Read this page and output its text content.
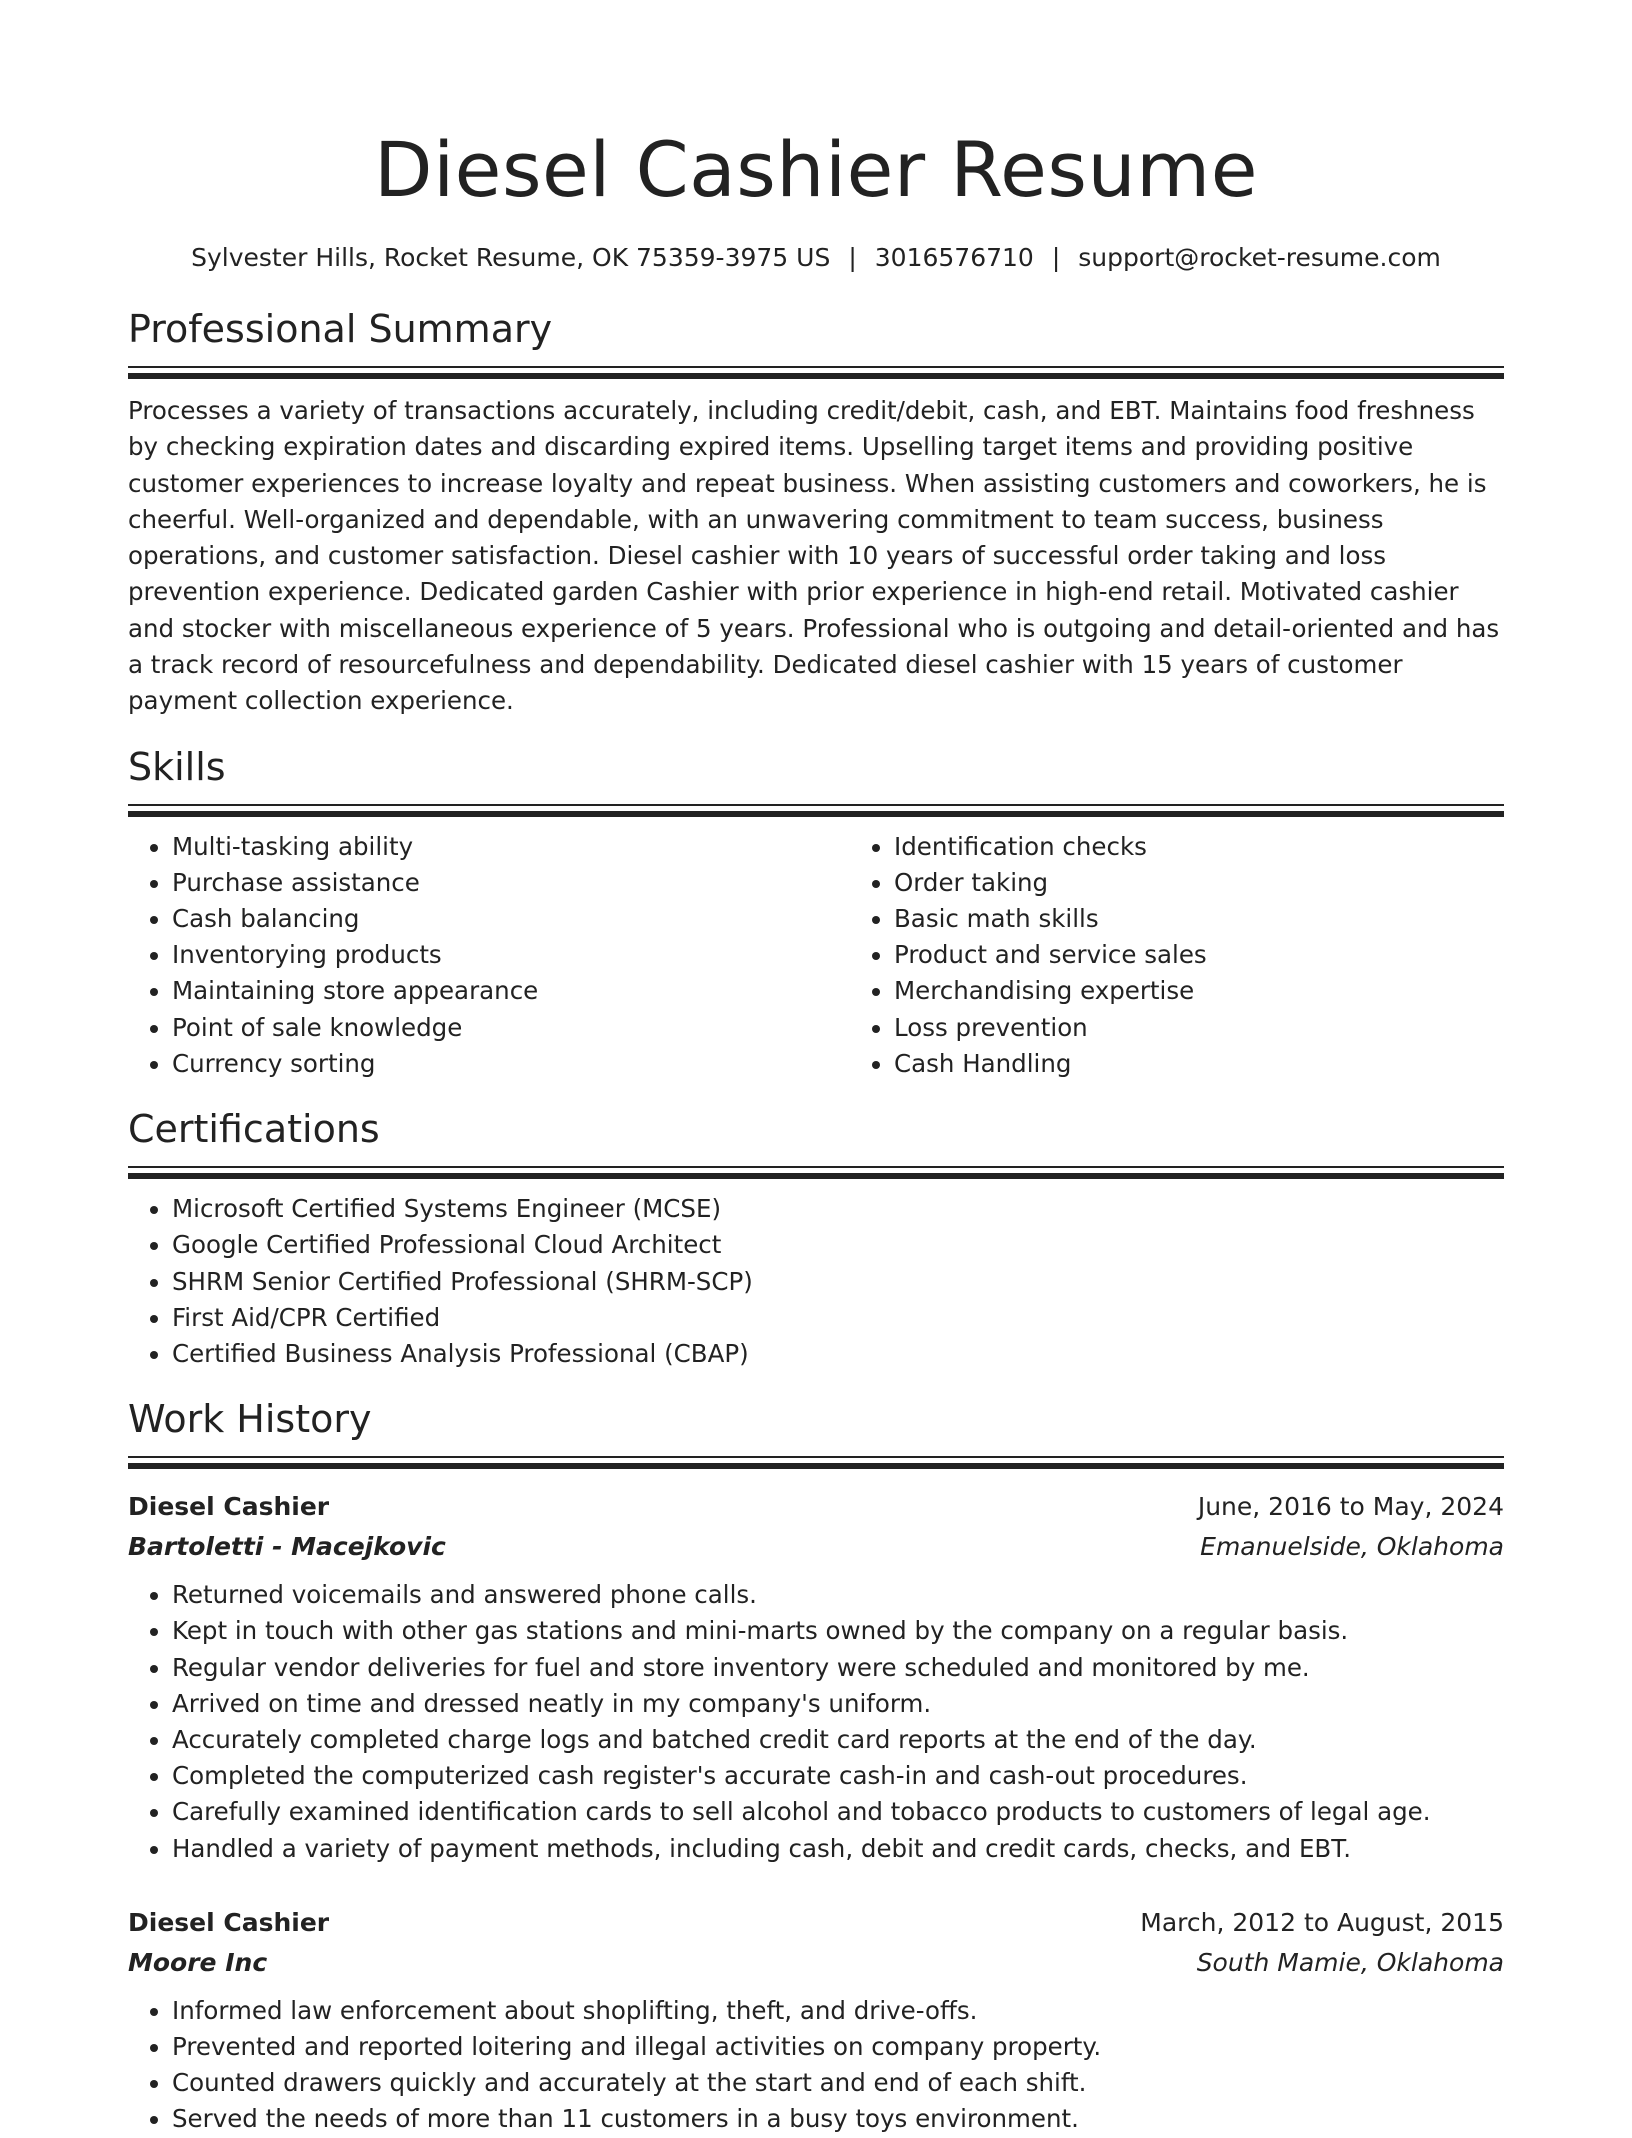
Diesel Cashier Resume
Sylvester Hills, Rocket Resume, OK 75359-3975 US | 3016576710 | support@rocket-resume.com
Professional Summary

Processes a variety of transactions accurately, including credit/debit, cash, and EBT. Maintains food freshness by checking expiration dates and discarding expired items. Upselling target items and providing positive customer experiences to increase loyalty and repeat business. When assisting customers and coworkers, he is cheerful. Well-organized and dependable, with an unwavering commitment to team success, business operations, and customer satisfaction. Diesel cashier with 10 years of successful order taking and loss prevention experience. Dedicated garden Cashier with prior experience in high-end retail. Motivated cashier and stocker with miscellaneous experience of 5 years. Professional who is outgoing and detail-oriented and has a track record of resourcefulness and dependability. Dedicated diesel cashier with 15 years of customer payment collection experience.

Skills
• Multi-tasking ability
• Purchase assistance
• Cash balancing
• Inventorying products
• Maintaining store appearance
• Point of sale knowledge
• Currency sorting
• Identification checks
• Order taking
• Basic math skills
• Product and service sales
• Merchandising expertise
• Loss prevention
• Cash Handling
Certifications
• Microsoft Certified Systems Engineer (MCSE)
• Google Certified Professional Cloud Architect
• SHRM Senior Certified Professional (SHRM-SCP)
• First Aid/CPR Certified
• Certified Business Analysis Professional (CBAP)
Work History
Diesel Cashier	June, 2016 to May, 2024
Bartoletti - Macejkovic	Emanuelside, Oklahoma
• Returned voicemails and answered phone calls.
• Kept in touch with other gas stations and mini-marts owned by the company on a regular basis.
• Regular vendor deliveries for fuel and store inventory were scheduled and monitored by me.
• Arrived on time and dressed neatly in my company's uniform.
• Accurately completed charge logs and batched credit card reports at the end of the day.
• Completed the computerized cash register's accurate cash-in and cash-out procedures.
• Carefully examined identification cards to sell alcohol and tobacco products to customers of legal age.
• Handled a variety of payment methods, including cash, debit and credit cards, checks, and EBT.
Diesel Cashier	March, 2012 to August, 2015
Moore Inc	South Mamie, Oklahoma
• Informed law enforcement about shoplifting, theft, and drive-offs.
• Prevented and reported loitering and illegal activities on company property.
• Counted drawers quickly and accurately at the start and end of each shift.
• Served the needs of more than 11 customers in a busy toys environment.
